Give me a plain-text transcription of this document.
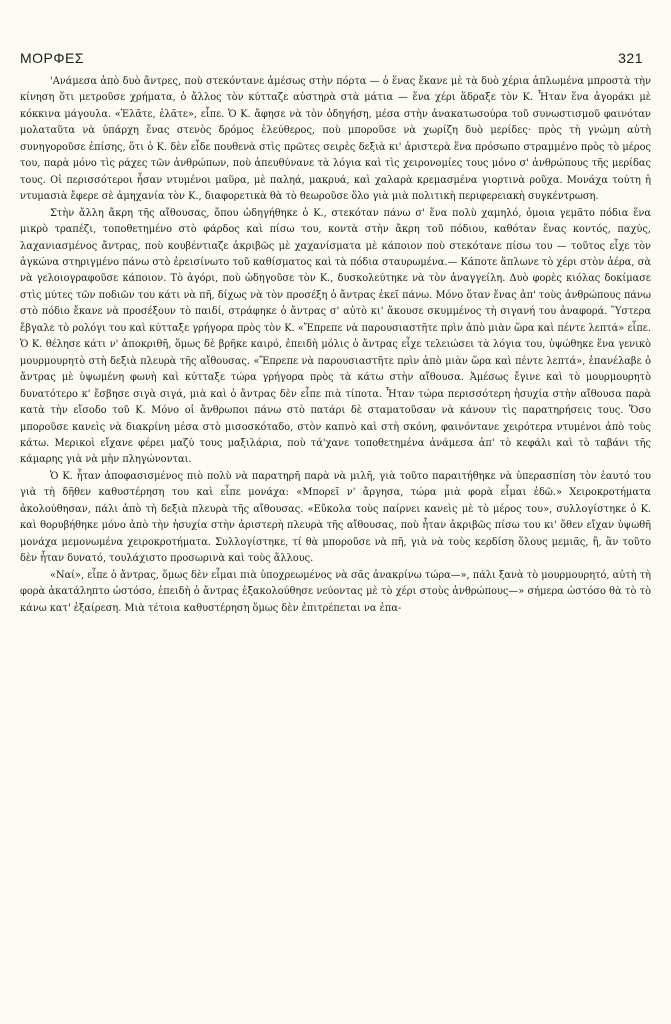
ΜΟΡΦΕΣ	321

'Ανάμεσα ἀπὸ δυὸ ἄντρες, ποὺ στεκόντανε ἀμέσως στὴν πόρτα — ὁ ἕνας ἔκανε μὲ τὰ δυὸ χέρια ἁπλωμένα μπροστὰ τὴν κίνηση ὅτι μετροῦσε χρήματα, ὁ ἄλλος τὸν κύτταζε αὐστηρὰ στὰ μάτια — ἕνα χέρι ἅδραξε τὸν Κ. Ἦταν ἕνα ἀγοράκι μὲ κόκκινα μάγουλα. «Ἐλᾶτε, ἐλᾶτε», εἶπε. Ὁ Κ. ἄφησε νὰ τὸν ὁδηγήση, μέσα στὴν ἀνακατωσούρα τοῦ συνωστισμοῦ φαινόταν μολαταῦτα νὰ ὑπάρχη ἕνας στενὸς δρόμος ἐλεύθερος, ποὺ μποροῦσε νὰ χωρίζη δυὸ μερίδες· πρὸς τὴ γνώμη αὐτὴ συνηγοροῦσε ἐπίσης, ὅτι ὁ Κ. δὲν εἶδε πουθενὰ στὶς πρῶτες σειρὲς δεξιὰ κι' ἀριστερὰ ἕνα πρόσωπο στραμμένο πρὸς τὸ μέρος του, παρὰ μόνο τὶς ράχες τῶν ἀνθρώπων, ποὺ ἀπευθύνανε τὰ λόγια καὶ τὶς χειρονομίες τους μόνο σ' ἀνθρώπους τῆς μερίδας τους. Οἱ περισσότεροι ἦσαν ντυμένοι μαῦρα, μὲ παληά, μακρυά, καὶ χαλαρὰ κρεμασμένα γιορτινὰ ροῦχα. Μονάχα τούτη ἡ ντυμασιὰ ἔφερε σὲ ἀμηχανία τὸν Κ., διαφορετικὰ θὰ τὸ θεωροῦσε ὅλο γιὰ μιὰ πολιτικὴ περιφερειακὴ συγκέντρωση.

Στὴν ἄλλη ἄκρη τῆς αἴθουσας, ὅπου ὡδηγήθηκε ὁ Κ., στεκόταν πάνω σ' ἕνα πολὺ χαμηλό, ὁμοια γεμᾶτο πόδια ἕνα μικρὸ τραπέζι, τοποθετημένο στὸ φάρδος καὶ πίσω του, κοντὰ στὴν ἄκρη τοῦ πόδιου, καθόταν ἕνας κοντός, παχύς, λαχανιασμένος ἄντρας, ποὺ κουβέντιαζε ἀκριβῶς μὲ χαχανίσματα μὲ κάποιον ποὺ στεκότανε πίσω του — τοῦτος εἶχε τὸν ἀγκώνα στηριγμένο πάνω στὸ ἐρεισίνωτο τοῦ καθίσματος καὶ τὰ πόδια σταυρωμένα.— Κάποτε ἅπλωνε τὸ χέρι στὸν ἀέρα, σὰ νὰ γελοιογραφοῦσε κάποιον. Τὸ ἀγόρι, ποὺ ὡδηγοῦσε τὸν Κ., δυσκολεύτηκε νὰ τὸν ἀναγγείλη. Δυὸ φορὲς κιόλας δοκίμασε στὶς μύτες τῶν ποδιῶν του κάτι νὰ πῆ, δίχως νὰ τὸν προσέξη ὁ ἄντρας ἐκεῖ πάνω. Μόνο ὅταν ἕνας ἀπ' τοὺς ἀνθρώπους πάνω στὸ πόδιο ἔκανε νὰ προσέξουν τὸ παιδί, στράφηκε ὁ ἄντρας σ' αὐτὸ κι' ἄκουσε σκυμμένος τὴ σιγανή του ἀναφορά. Ὕστερα ἔβγαλε τὸ ρολόγι του καὶ κύτταξε γρήγορα πρὸς τὸν Κ. «Ἔπρεπε νὰ παρουσιαστῆτε πρὶν ἀπὸ μιὰν ὥρα καὶ πέντε λεπτά» εἶπε. Ὁ Κ. θέλησε κάτι ν' ἀποκριθῆ, ὅμως δὲ βρῆκε καιρό, ἐπειδὴ μόλις ὁ ἄντρας εἶχε τελειώσει τὰ λόγια του, ὑψώθηκε ἕνα γενικὸ μουρμουρητὸ στὴ δεξιὰ πλευρὰ τῆς αἴθουσας. «Ἔπρεπε νὰ παρουσιαστῆτε πρὶν ἀπὸ μιὰν ὥρα καὶ πέντε λεπτά», ἐπανέλαβε ὁ ἄντρας μὲ ὑψωμένη φωνὴ καὶ κύτταξε τώρα γρήγορα πρὸς τὰ κάτω στὴν αἴθουσα. Ἀμέσως ἔγινε καὶ τὸ μουρμουρητὸ δυνατότερο κ' ἔσβησε σιγὰ σιγά, μιὰ καὶ ὁ ἄντρας δὲν εἶπε πιὰ τίποτα. Ἦταν τώρα περισσότερη ἡσυχία στὴν αἴθουσα παρὰ κατὰ τὴν εἴσοδο τοῦ Κ. Μόνο οἱ ἄνθρωποι πάνω στὸ πατάρι δὲ σταματοῦσαν νὰ κάνουν τὶς παρατηρήσεις τους. Ὅσο μποροῦσε κανεὶς νὰ διακρίνη μέσα στὸ μισοσκόταδο, στὸν καπνὸ καὶ στὴ σκόνη, φαινόντανε χειρότερα ντυμένοι ἀπὸ τοὺς κάτω. Μερικοὶ εἴχανε φέρει μαζύ τους μαξιλάρια, ποὺ τά'χανε τοποθετημένα ἀνάμεσα ἀπ' τὸ κεφάλι καὶ τὸ ταβάνι τῆς κάμαρης γιὰ νὰ μὴν πληγώνονται.

Ὁ Κ. ἦταν ἀποφασισμένος πιὸ πολὺ νὰ παρατηρῆ παρὰ νὰ μιλῆ, γιὰ τοῦτο παραιτήθηκε νὰ ὑπερασπίση τὸν ἑαυτό του γιὰ τὴ δῆθεν καθυστέρηση του καὶ εἶπε μονάχα: «Μπορεῖ ν' ἄργησα, τώρα μιὰ φορὰ εἶμαι ἐδῶ.» Χειροκροτήματα ἀκολούθησαν, πάλι ἀπὸ τὴ δεξιὰ πλευρὰ τῆς αἴθουσας. «Εὔκολα τοὺς παίρνει κανεὶς μὲ τὸ μέρος του», συλλογίστηκε ὁ Κ. καὶ θορυβήθηκε μόνο ἀπὸ τὴν ἡσυχία στὴν ἀριστερὴ πλευρὰ τῆς αἴθουσας, ποὺ ἦταν ἀκριβῶς πίσω του κι' ὅθεν εἴχαν ὑψωθῆ μονάχα μεμονωμένα χειροκροτήματα. Συλλογίστηκε, τί θὰ μποροῦσε νὰ πῆ, γιὰ νὰ τοὺς κερδίση ὅλους μεμιᾶς, ἤ, ἂν τοῦτο δὲν ἦταν δυνατό, τουλάχιστο προσωρινὰ καὶ τοὺς ἄλλους.

«Ναί», εἶπε ὁ ἄντρας, ὅμως δὲν εἶμαι πιὰ ὑποχρεωμένος νὰ σᾶς ἀνακρίνω τώρα—», πάλι ξανὰ τὸ μουρμουρητό, αὐτὴ τὴ φορὰ ἀκατάληπτο ὡστόσο, ἐπειδὴ ὁ ἄντρας ἐξακολούθησε νεύοντας μὲ τὸ χέρι στοὺς ἀνθρώπους—» σήμερα ὡστόσο θὰ τὸ τὸ κάνω κατ' ἐξαίρεση. Μιὰ τέτοια καθυστέρηση ὅμως δὲν ἐπιτρέπεται να ἐπα-
